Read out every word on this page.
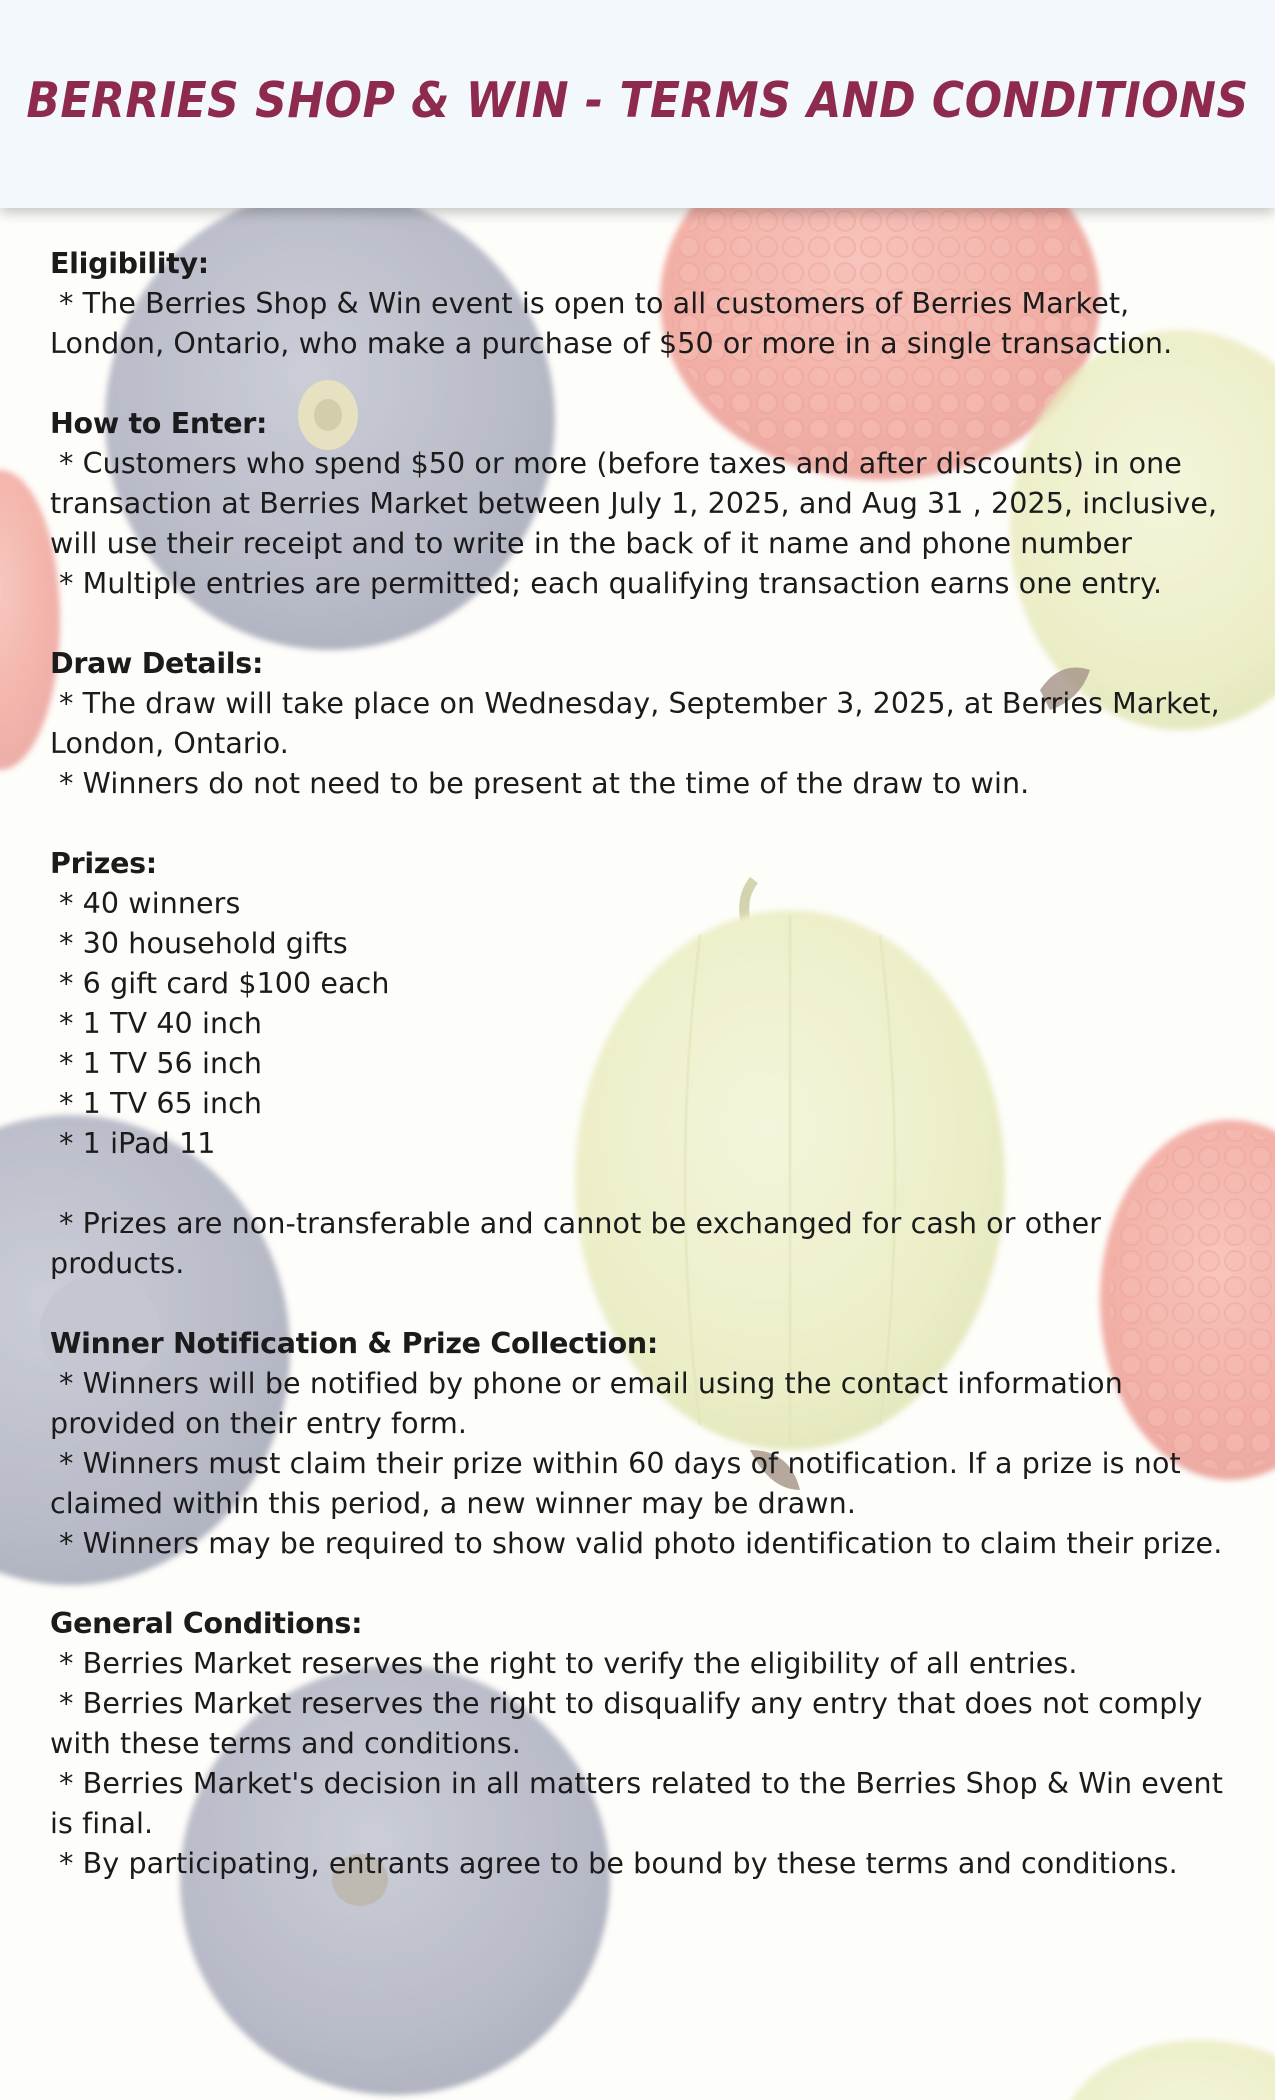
BERRIES SHOP & WIN - TERMS AND CONDITIONS
Eligibility:
* The Berries Shop & Win event is open to all customers of Berries Market, London, Ontario, who make a purchase of $50 or more in a single transaction.
How to Enter:
* Customers who spend $50 or more (before taxes and after discounts) in one transaction at Berries Market between July 1, 2025, and Aug 31 , 2025, inclusive, will use their receipt and to write in the back of it name and phone number
* Multiple entries are permitted; each qualifying transaction earns one entry.
Draw Details:
* The draw will take place on Wednesday, September 3, 2025, at Berries Market, London, Ontario.
* Winners do not need to be present at the time of the draw to win.
Prizes:
* 40 winners
* 30 household gifts
* 6 gift card $100 each
* 1 TV 40 inch
* 1 TV 56 inch
* 1 TV 65 inch
* 1 iPad 11
* Prizes are non-transferable and cannot be exchanged for cash or other products.
Winner Notification & Prize Collection:
* Winners will be notified by phone or email using the contact information provided on their entry form.
* Winners must claim their prize within 60 days of notification. If a prize is not claimed within this period, a new winner may be drawn.
* Winners may be required to show valid photo identification to claim their prize.
General Conditions:
* Berries Market reserves the right to verify the eligibility of all entries.
* Berries Market reserves the right to disqualify any entry that does not comply with these terms and conditions.
* Berries Market's decision in all matters related to the Berries Shop & Win event is final.
* By participating, entrants agree to be bound by these terms and conditions.
